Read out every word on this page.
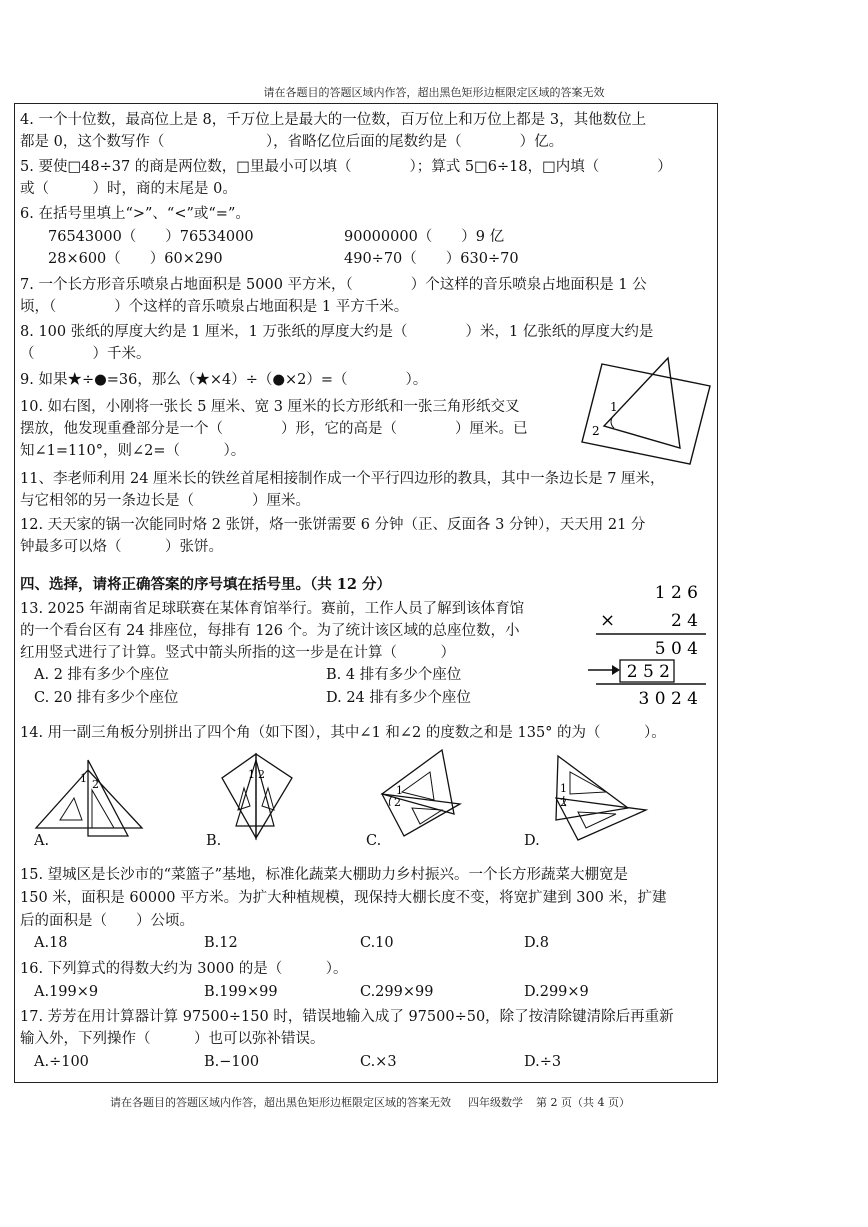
请在各题目的答题区域内作答，超出黑色矩形边框限定区域的答案无效
4. 一个十位数，最高位上是 8，千万位上是最大的一位数，百万位上和万位上都是 3，其他数位上
都是 0，这个数写作（　　　　　　　），省略亿位后面的尾数约是（　　　　）亿。
5. 要使□48÷37 的商是两位数，□里最小可以填（　　　　）；算式 5□6÷18，□内填（　　　　）
或（　　　）时，商的末尾是 0。
6. 在括号里填上“>”、“<”或“=”。
76543000（　　）76534000	90000000（　　）9 亿
28×600（　　）60×290	490÷70（　　）630÷70
7. 一个长方形音乐喷泉占地面积是 5000 平方米，（　　　　）个这样的音乐喷泉占地面积是 1 公
顷，（　　　　）个这样的音乐喷泉占地面积是 1 平方千米。
8. 100 张纸的厚度大约是 1 厘米，1 万张纸的厚度大约是（　　　　）米，1 亿张纸的厚度大约是
（　　　　）千米。
9. 如果★÷●=36，那么（★×4）÷（●×2）=（　　　　）。
10. 如右图，小刚将一张长 5 厘米、宽 3 厘米的长方形纸和一张三角形纸交叉
摆放，他发现重叠部分是一个（　　　　）形，它的高是（　　　　）厘米。已
知∠1=110°，则∠2=（　　　）。
1
2
11、李老师利用 24 厘米长的铁丝首尾相接制作成一个平行四边形的教具，其中一条边长是 7 厘米，
与它相邻的另一条边长是（　　　　）厘米。
12. 天天家的锅一次能同时烙 2 张饼，烙一张饼需要 6 分钟（正、反面各 3 分钟），天天用 21 分
钟最多可以烙（　　　）张饼。
四、选择，请将正确答案的序号填在括号里。（共 12 分）
13. 2025 年湖南省足球联赛在某体育馆举行。赛前，工作人员了解到该体育馆
的一个看台区有 24 排座位，每排有 126 个。为了统计该区域的总座位数，小
红用竖式进行了计算。竖式中箭头所指的这一步是在计算（　　　）
A. 2 排有多少个座位	B. 4 排有多少个座位
C. 20 排有多少个座位	D. 24 排有多少个座位
1 2 6
×	2 4
5 0 4
2 5 2
3 0 2 4
14. 用一副三角板分别拼出了四个角（如下图），其中∠1 和∠2 的度数之和是 135° 的为（　　　）。
1 2
1 2
1
2
1
2
A.	B.	C.	D.
15. 望城区是长沙市的“菜篮子”基地，标准化蔬菜大棚助力乡村振兴。一个长方形蔬菜大棚宽是
150 米，面积是 60000 平方米。为扩大种植规模，现保持大棚长度不变，将宽扩建到 300 米，扩建
后的面积是（　　）公顷。
A.18	B.12	C.10	D.8
16. 下列算式的得数大约为 3000 的是（　　　）。
A.199×9	B.199×99	C.299×99	D.299×9
17. 芳芳在用计算器计算 97500÷150 时，错误地输入成了 97500÷50，除了按清除键清除后再重新
输入外，下列操作（　　　）也可以弥补错误。
A.÷100	B.−100	C.×3	D.÷3
请在各题目的答题区域内作答，超出黑色矩形边框限定区域的答案无效 四年级数学 第 2 页（共 4 页）
